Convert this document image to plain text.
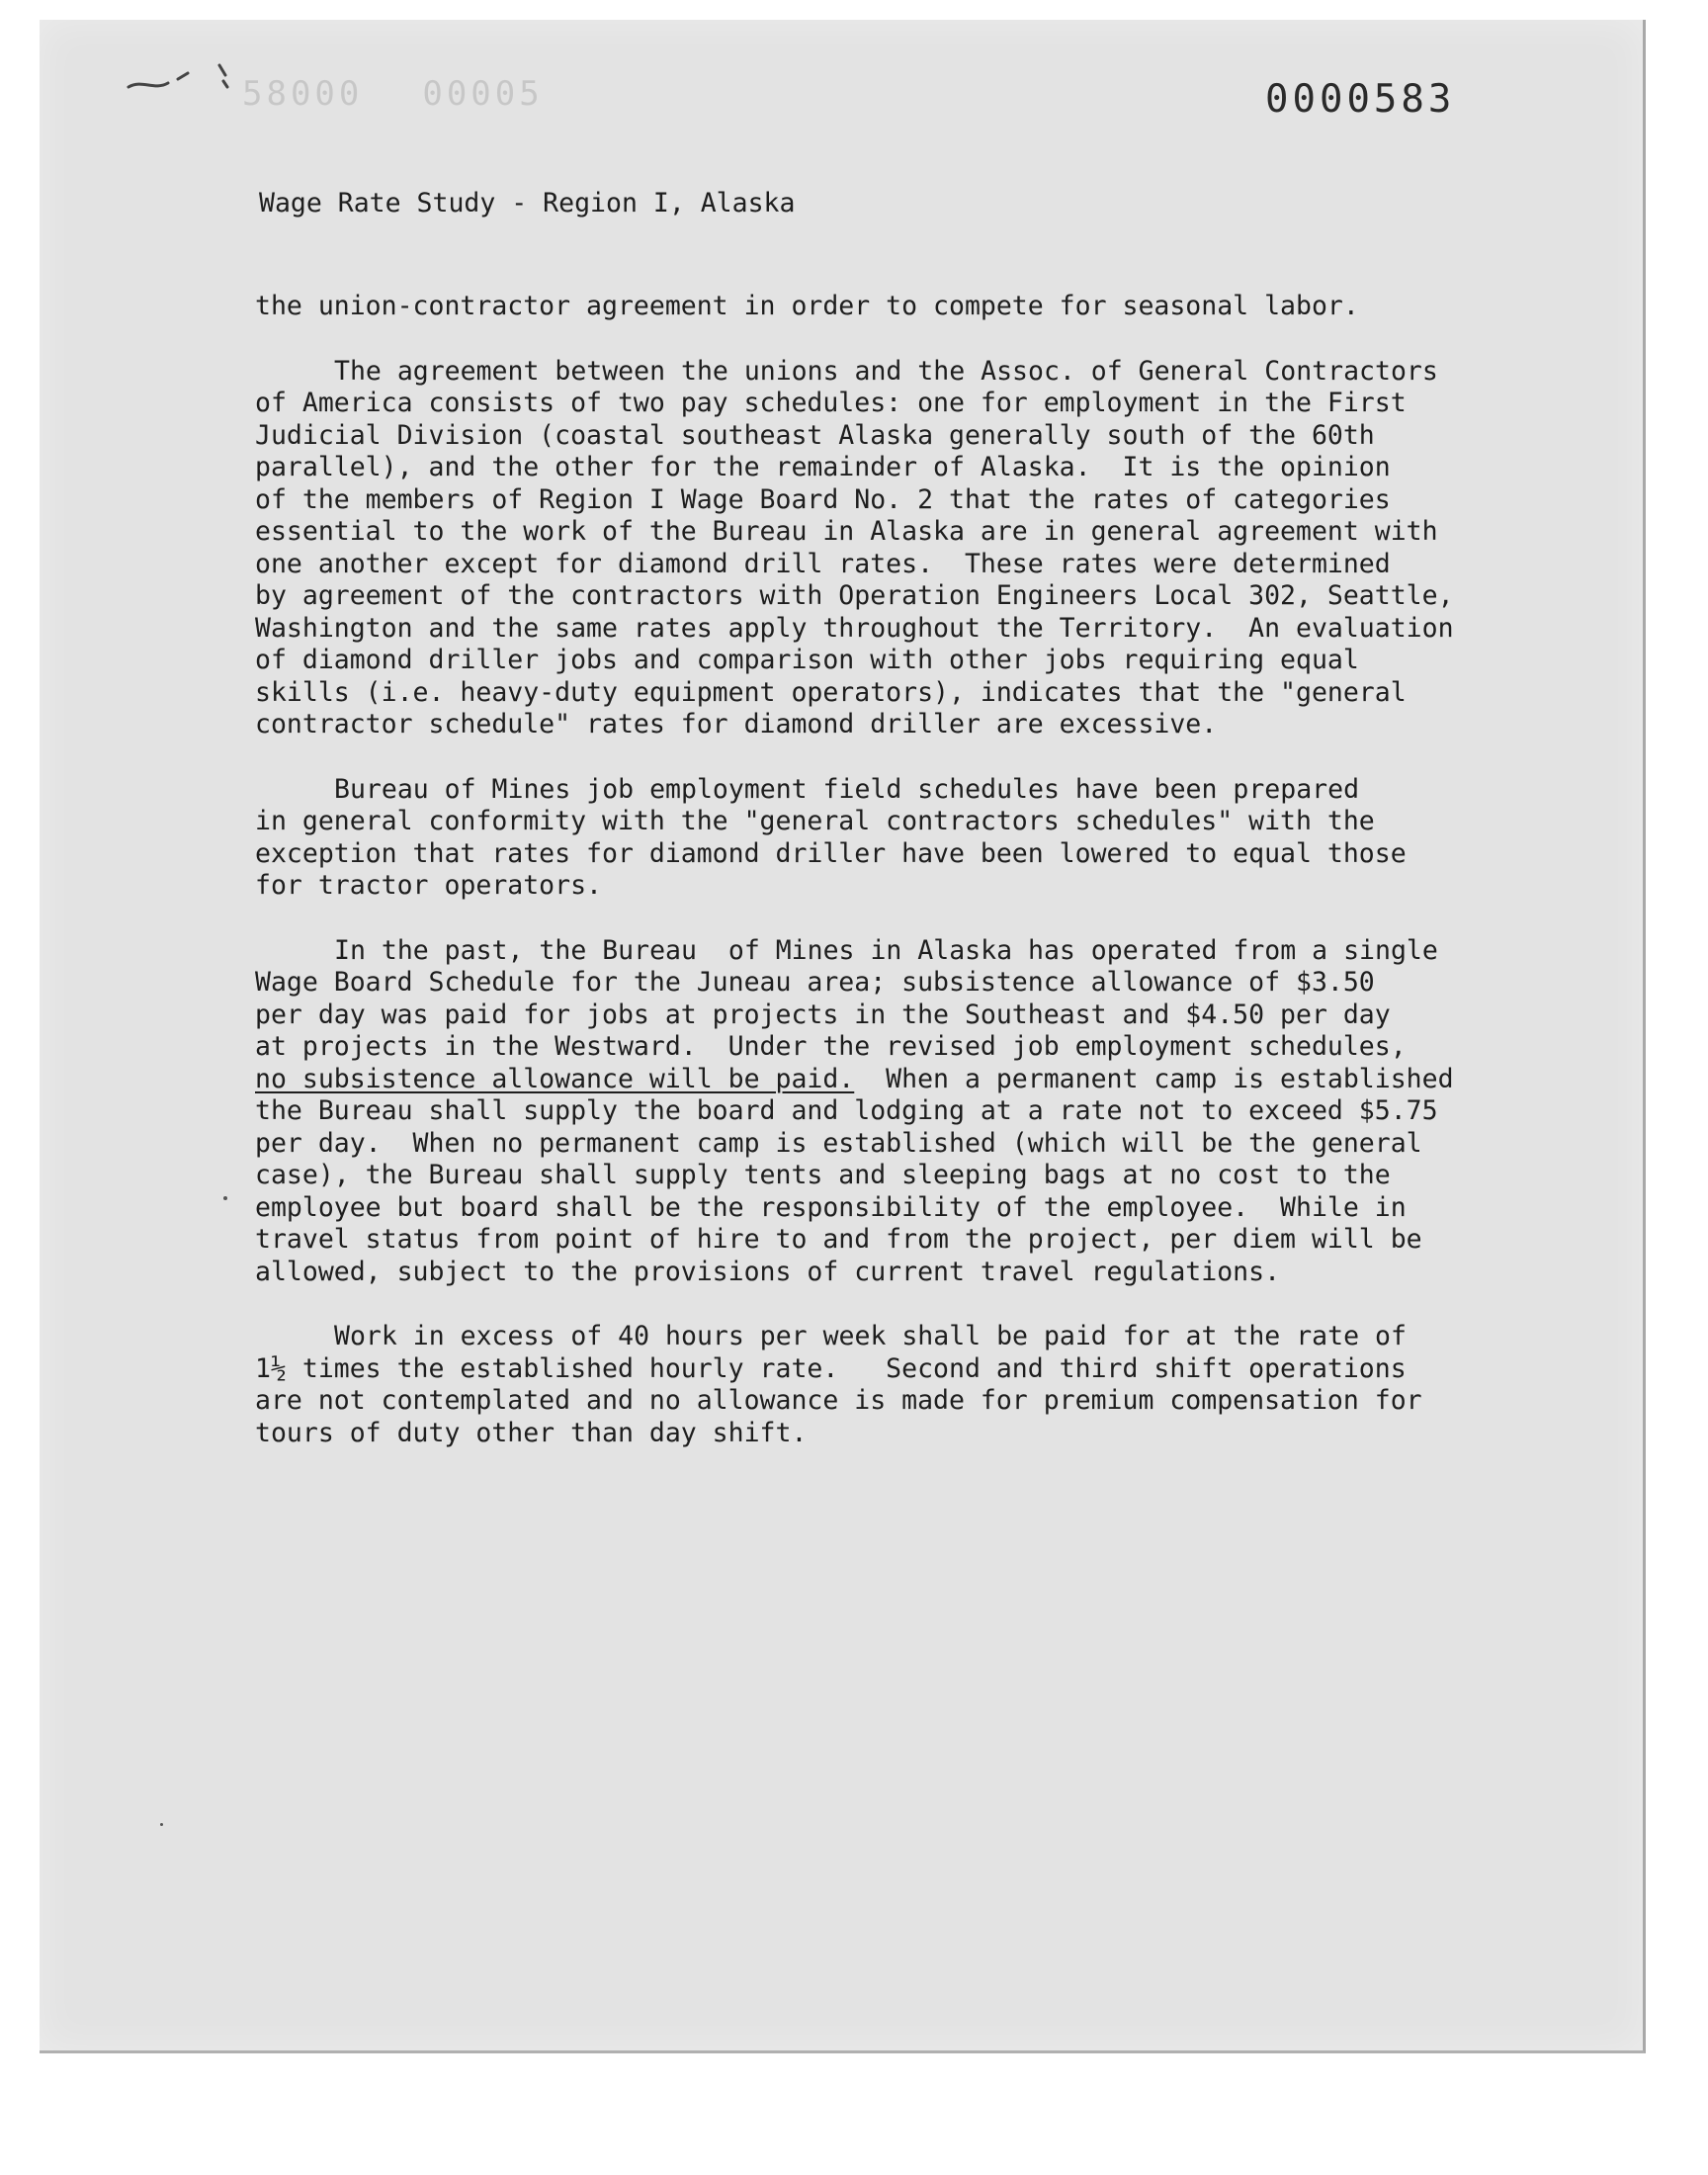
58000 00005	0000583
Wage Rate Study - Region I, Alaska
the union-contractor agreement in order to compete for seasonal labor.
The agreement between the unions and the Assoc. of General Contractors
of America consists of two pay schedules: one for employment in the First
Judicial Division (coastal southeast Alaska generally south of the 60th
parallel), and the other for the remainder of Alaska.  It is the opinion
of the members of Region I Wage Board No. 2 that the rates of categories
essential to the work of the Bureau in Alaska are in general agreement with
one another except for diamond drill rates.  These rates were determined
by agreement of the contractors with Operation Engineers Local 302, Seattle,
Washington and the same rates apply throughout the Territory.  An evaluation
of diamond driller jobs and comparison with other jobs requiring equal
skills (i.e. heavy-duty equipment operators), indicates that the "general
contractor schedule" rates for diamond driller are excessive.
Bureau of Mines job employment field schedules have been prepared
in general conformity with the "general contractors schedules" with the
exception that rates for diamond driller have been lowered to equal those
for tractor operators.
In the past, the Bureau  of Mines in Alaska has operated from a single
Wage Board Schedule for the Juneau area; subsistence allowance of $3.50
per day was paid for jobs at projects in the Southeast and $4.50 per day
at projects in the Westward.  Under the revised job employment schedules,
no subsistence allowance will be paid.  When a permanent camp is established
the Bureau shall supply the board and lodging at a rate not to exceed $5.75
per day.  When no permanent camp is established (which will be the general
case), the Bureau shall supply tents and sleeping bags at no cost to the
employee but board shall be the responsibility of the employee.  While in
travel status from point of hire to and from the project, per diem will be
allowed, subject to the provisions of current travel regulations.
Work in excess of 40 hours per week shall be paid for at the rate of
1½ times the established hourly rate.   Second and third shift operations
are not contemplated and no allowance is made for premium compensation for
tours of duty other than day shift.
